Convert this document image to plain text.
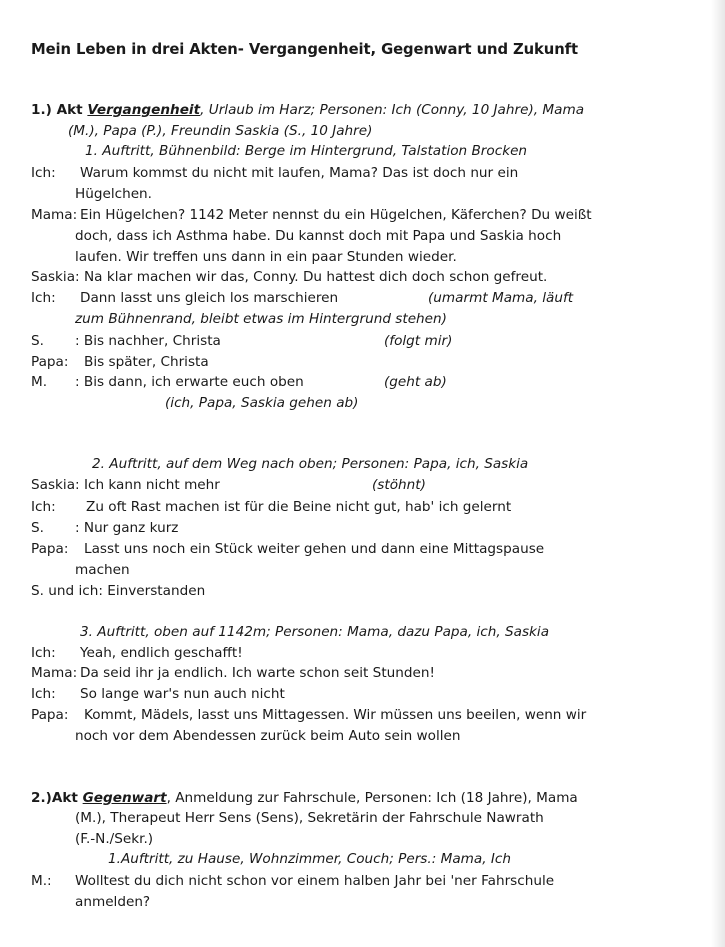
Mein Leben in drei Akten- Vergangenheit, Gegenwart und Zukunft
1.) Akt Vergangenheit, Urlaub im Harz; Personen: Ich (Conny, 10 Jahre), Mama
(M.), Papa (P.), Freundin Saskia (S., 10 Jahre)
1. Auftritt, Bühnenbild: Berge im Hintergrund, Talstation Brocken
Ich: Warum kommst du nicht mit laufen, Mama? Das ist doch nur ein
Hügelchen.
Mama: Ein Hügelchen? 1142 Meter nennst du ein Hügelchen, Käferchen? Du weißt
doch, dass ich Asthma habe. Du kannst doch mit Papa und Saskia hoch
laufen. Wir treffen uns dann in ein paar Stunden wieder.
Saskia: Na klar machen wir das, Conny. Du hattest dich doch schon gefreut.
Ich: Dann lasst uns gleich los marschieren	(umarmt Mama, läuft
zum Bühnenrand, bleibt etwas im Hintergrund stehen)
S. : Bis nachher, Christa	(folgt mir)
Papa: Bis später, Christa
M. : Bis dann, ich erwarte euch oben	(geht ab)
(ich, Papa, Saskia gehen ab)
2. Auftritt, auf dem Weg nach oben; Personen: Papa, ich, Saskia
Saskia: Ich kann nicht mehr	(stöhnt)
Ich: Zu oft Rast machen ist für die Beine nicht gut, hab' ich gelernt
S. : Nur ganz kurz
Papa: Lasst uns noch ein Stück weiter gehen und dann eine Mittagspause
machen
S. und ich: Einverstanden
3. Auftritt, oben auf 1142m; Personen: Mama, dazu Papa, ich, Saskia
Ich: Yeah, endlich geschafft!
Mama: Da seid ihr ja endlich. Ich warte schon seit Stunden!
Ich: So lange war's nun auch nicht
Papa: Kommt, Mädels, lasst uns Mittagessen. Wir müssen uns beeilen, wenn wir
noch vor dem Abendessen zurück beim Auto sein wollen
2.)Akt Gegenwart, Anmeldung zur Fahrschule, Personen: Ich (18 Jahre), Mama
(M.), Therapeut Herr Sens (Sens), Sekretärin der Fahrschule Nawrath
(F.-N./Sekr.)
1.Auftritt, zu Hause, Wohnzimmer, Couch; Pers.: Mama, Ich
M.: Wolltest du dich nicht schon vor einem halben Jahr bei 'ner Fahrschule
anmelden?
